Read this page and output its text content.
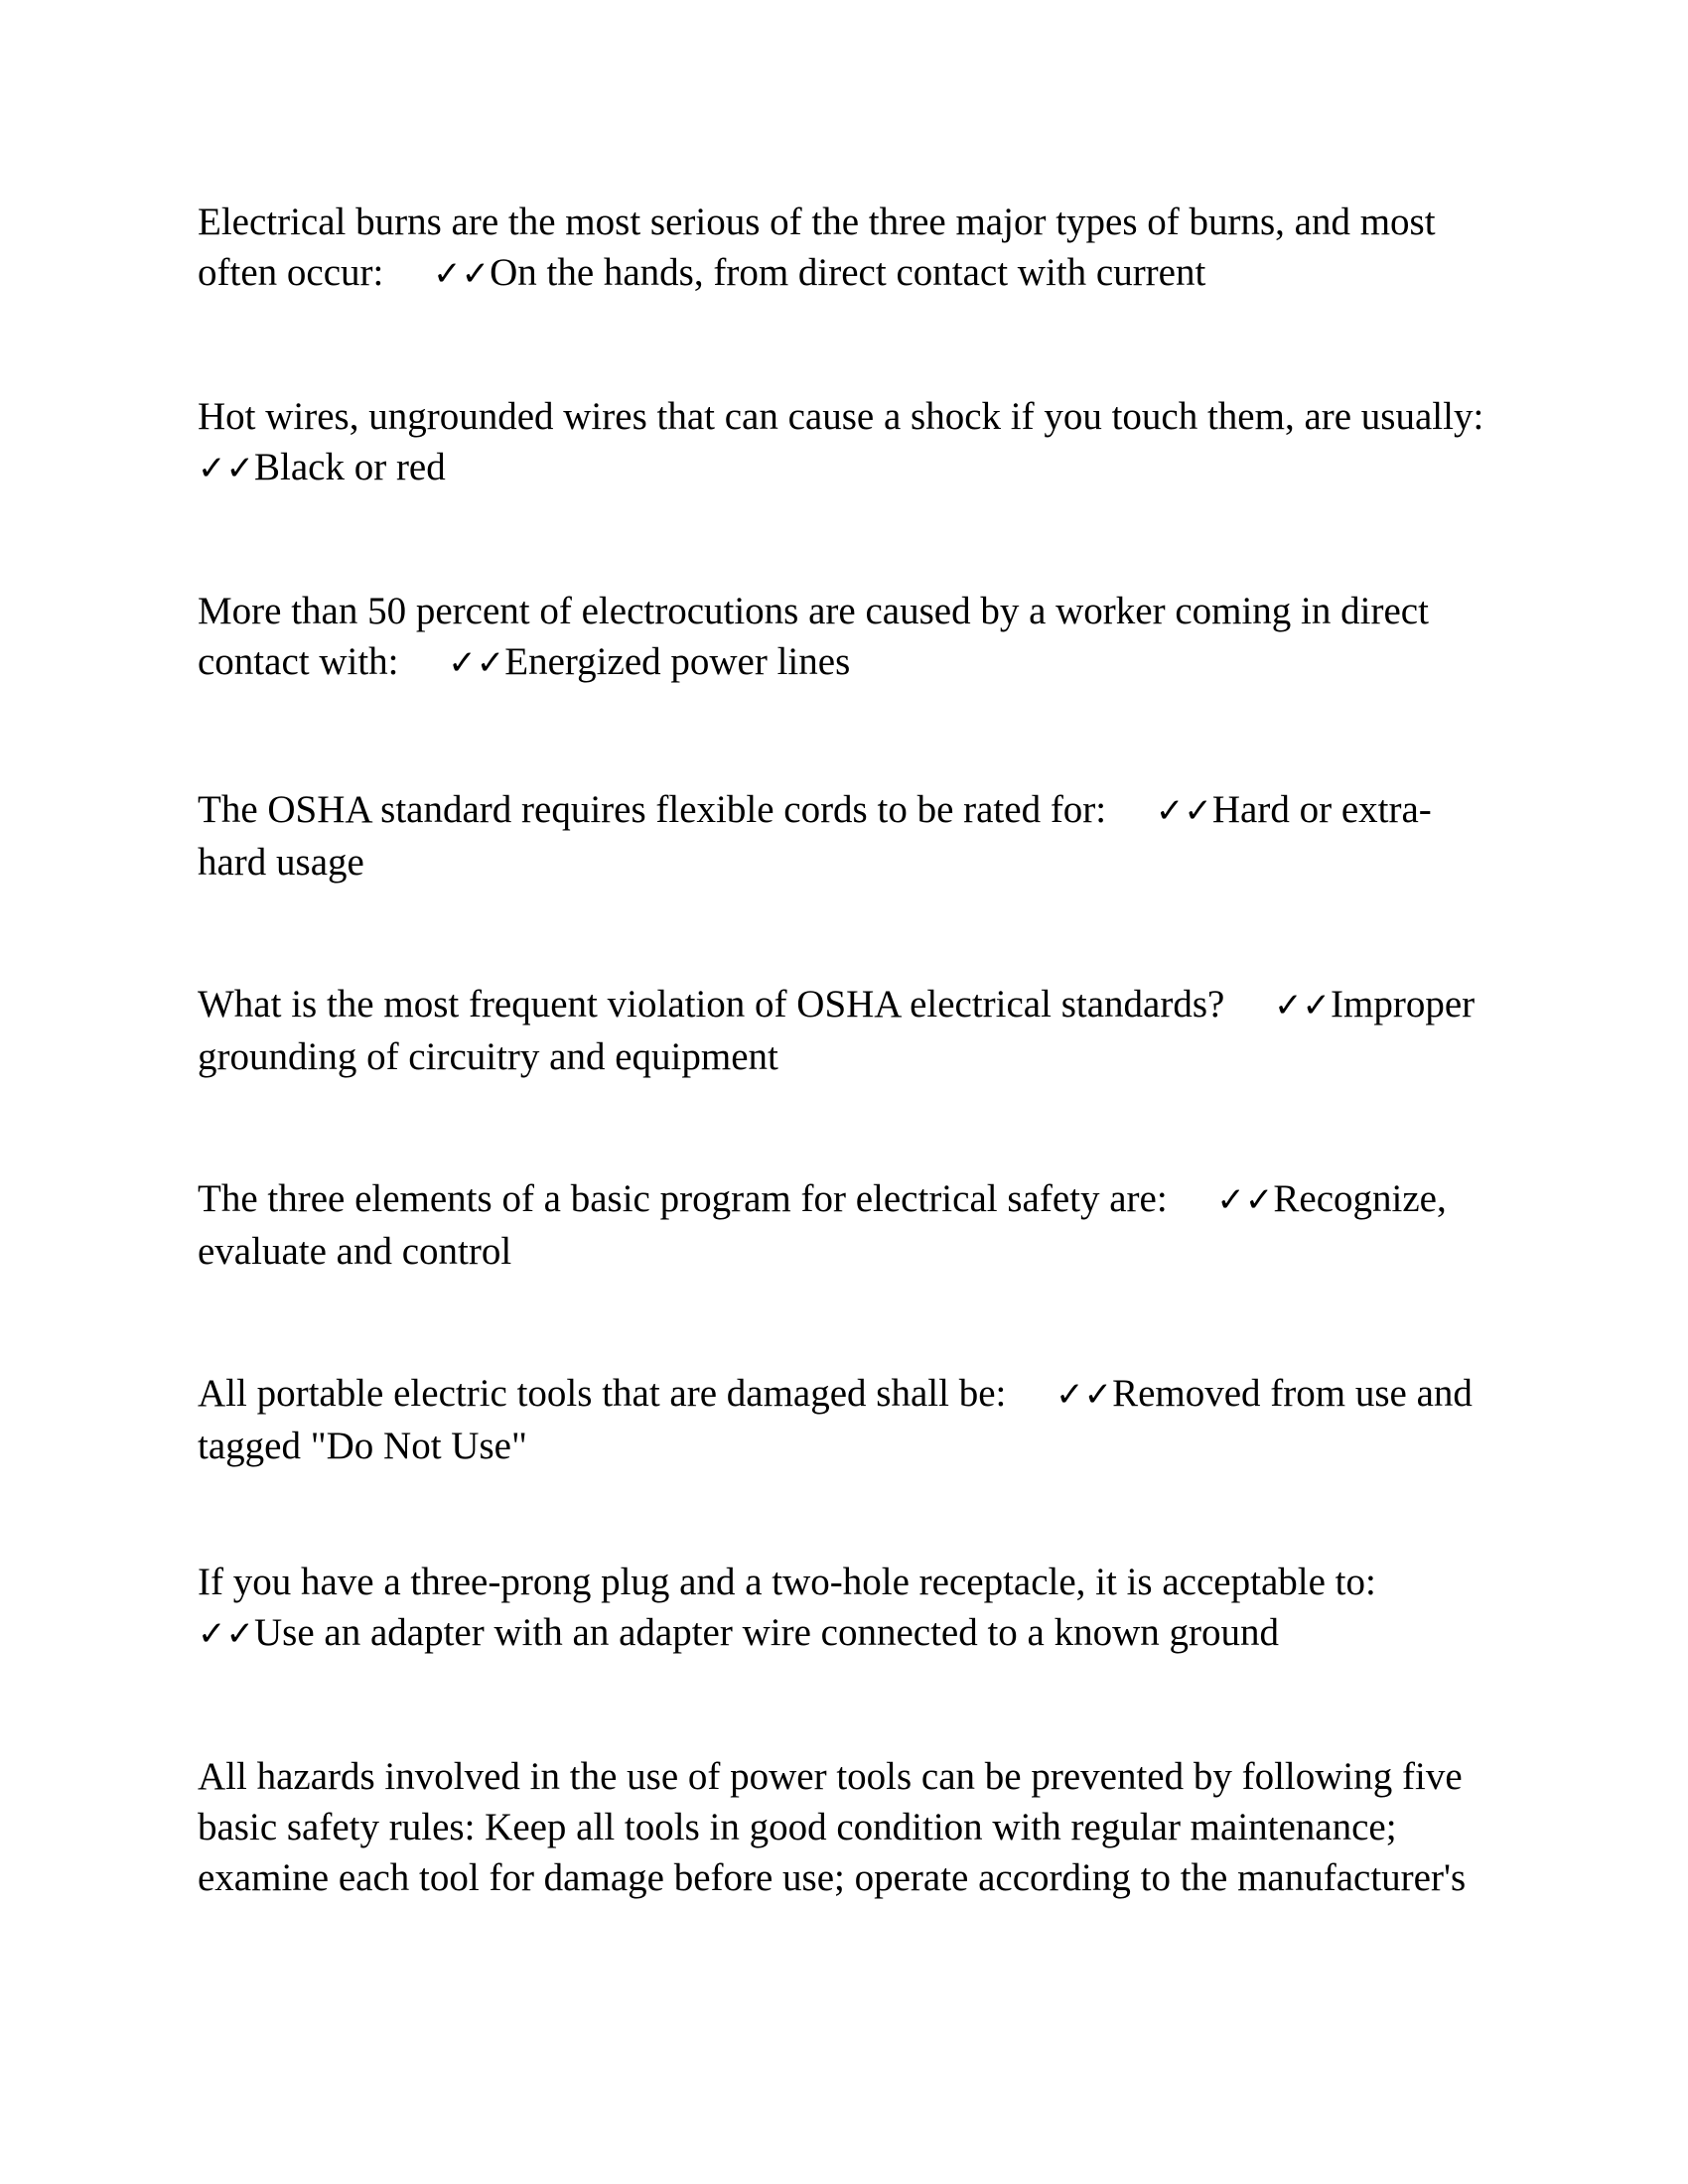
Electrical burns are the most serious of the three major types of burns, and most often occur: ✓✓On the hands, from direct contact with current

Hot wires, ungrounded wires that can cause a shock if you touch them, are usually:
✓✓Black or red

More than 50 percent of electrocutions are caused by a worker coming in direct contact with: ✓✓Energized power lines

The OSHA standard requires flexible cords to be rated for: ✓✓Hard or extra-hard usage

What is the most frequent violation of OSHA electrical standards? ✓✓Improper grounding of circuitry and equipment

The three elements of a basic program for electrical safety are: ✓✓Recognize, evaluate and control

All portable electric tools that are damaged shall be: ✓✓Removed from use and tagged "Do Not Use"

If you have a three-prong plug and a two-hole receptacle, it is acceptable to:
✓✓Use an adapter with an adapter wire connected to a known ground

All hazards involved in the use of power tools can be prevented by following five basic safety rules: Keep all tools in good condition with regular maintenance; examine each tool for damage before use; operate according to the manufacturer's
